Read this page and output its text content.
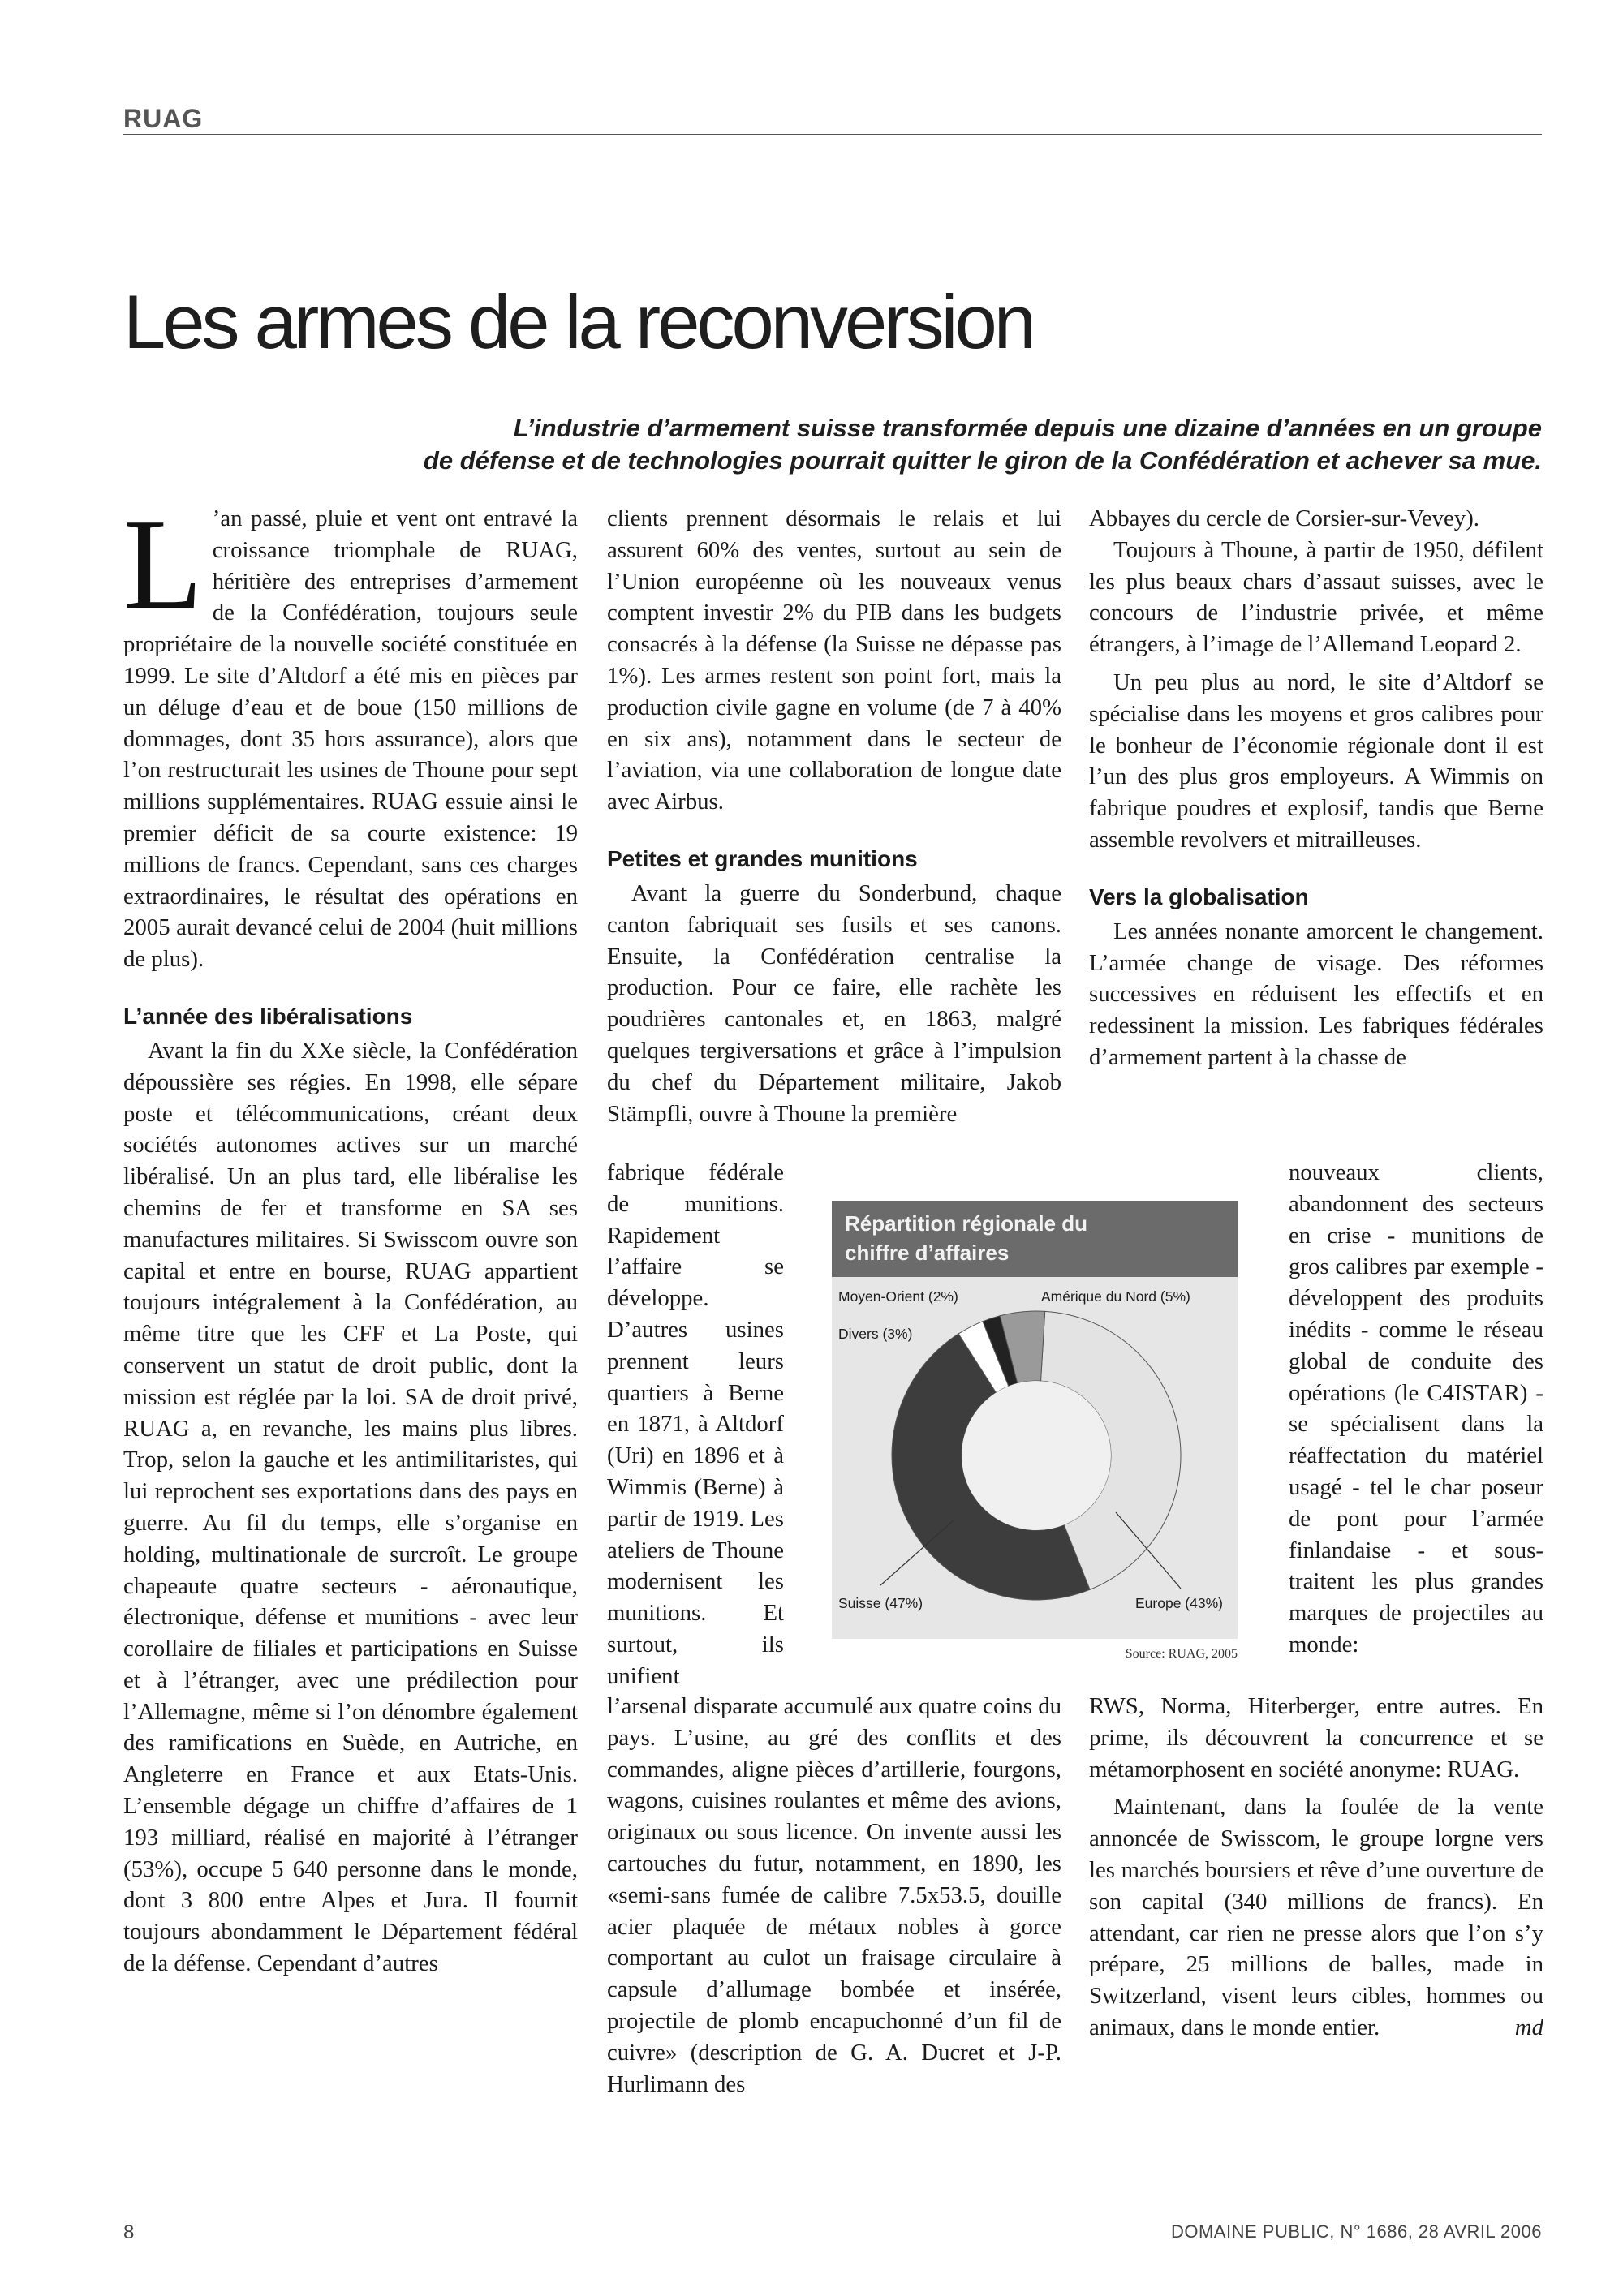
RUAG
Les armes de la reconversion
L’industrie d’armement suisse transformée depuis une dizaine d’années en un groupe
de défense et de technologies pourrait quitter le giron de la Confédération et achever sa mue.

L ’an passé, pluie et vent ont entravé la croissance triomphale de RUAG, héritière des entreprises d’armement de la Confédération, toujours seule propriétaire de la nouvelle société constituée en 1999. Le site d’Altdorf a été mis en pièces par un déluge d’eau et de boue (150 millions de dommages, dont 35 hors assurance), alors que l’on restructurait les usines de Thoune pour sept millions supplémentaires. RUAG essuie ainsi le premier déficit de sa courte existence: 19 millions de francs. Cependant, sans ces charges extraordinaires, le résultat des opérations en 2005 aurait devancé celui de 2004 (huit millions de plus).

L’année des libéralisations

Avant la fin du XXe siècle, la Confédération dépoussière ses régies. En 1998, elle sépare poste et télécommunications, créant deux sociétés autonomes actives sur un marché libéralisé. Un an plus tard, elle libéralise les chemins de fer et transforme en SA ses manufactures militaires. Si Swisscom ouvre son capital et entre en bourse, RUAG appartient toujours intégralement à la Confédération, au même titre que les CFF et La Poste, qui conservent un statut de droit public, dont la mission est réglée par la loi. SA de droit privé, RUAG a, en revanche, les mains plus libres. Trop, selon la gauche et les antimilitaristes, qui lui reprochent ses exportations dans des pays en guerre. Au fil du temps, elle s’organise en holding, multinationale de surcroît. Le groupe chapeaute quatre secteurs - aéronautique, électronique, défense et munitions - avec leur corollaire de filiales et participations en Suisse et à l’étranger, avec une prédilection pour l’Allemagne, même si l’on dénombre également des ramifications en Suède, en Autriche, en Angleterre en France et aux Etats-Unis. L’ensemble dégage un chiffre d’affaires de 1 193 milliard, réalisé en majorité à l’étranger (53%), occupe 5 640 personne dans le monde, dont 3 800 entre Alpes et Jura. Il fournit toujours abondamment le Département fédéral de la défense. Cependant d’autres

clients prennent désormais le relais et lui assurent 60% des ventes, surtout au sein de l’Union européenne où les nouveaux venus comptent investir 2% du PIB dans les budgets consacrés à la défense (la Suisse ne dépasse pas 1%). Les armes restent son point fort, mais la production civile gagne en volume (de 7 à 40% en six ans), notamment dans le secteur de l’aviation, via une collaboration de longue date avec Airbus.

Petites et grandes munitions

Avant la guerre du Sonderbund, chaque canton fabriquait ses fusils et ses canons. Ensuite, la Confédération centralise la production. Pour ce faire, elle rachète les poudrières cantonales et, en 1863, malgré quelques tergiversations et grâce à l’impulsion du chef du Département militaire, Jakob Stämpfli, ouvre à Thoune la première

fabrique fédérale de munitions. Rapidement l’affaire se développe. D’autres usines prennent leurs quartiers à Berne en 1871, à Altdorf (Uri) en 1896 et à Wimmis (Berne) à partir de 1919. Les ateliers de Thoune modernisent les munitions. Et surtout, ils unifient

l’arsenal disparate accumulé aux quatre coins du pays. L’usine, au gré des conflits et des commandes, aligne pièces d’artillerie, fourgons, wagons, cuisines roulantes et même des avions, originaux ou sous licence. On invente aussi les cartouches du futur, notamment, en 1890, les «semi-sans fumée de calibre 7.5x53.5, douille acier plaquée de métaux nobles à gorce comportant au culot un fraisage circulaire à capsule d’allumage bombée et insérée, projectile de plomb encapuchonné d’un fil de cuivre» (description de G. A. Ducret et J-P. Hurlimann des

Abbayes du cercle de Corsier-sur-Vevey).

Toujours à Thoune, à partir de 1950, défilent les plus beaux chars d’assaut suisses, avec le concours de l’industrie privée, et même étrangers, à l’image de l’Allemand Leopard 2.

Un peu plus au nord, le site d’Altdorf se spécialise dans les moyens et gros calibres pour le bonheur de l’économie régionale dont il est l’un des plus gros employeurs. A Wimmis on fabrique poudres et explosif, tandis que Berne assemble revolvers et mitrailleuses.

Vers la globalisation

Les années nonante amorcent le changement. L’armée change de visage. Des réformes successives en réduisent les effectifs et en redessinent la mission. Les fabriques fédérales d’armement partent à la chasse de

nouveaux clients, abandonnent des secteurs en crise - munitions de gros calibres par exemple - développent des produits inédits - comme le réseau global de conduite des opérations (le C4ISTAR) - se spécialisent dans la réaffectation du matériel usagé - tel le char poseur de pont pour l’armée finlandaise - et sous-traitent les plus grandes marques de projectiles au monde:

RWS, Norma, Hiterberger, entre autres. En prime, ils découvrent la concurrence et se métamorphosent en société anonyme: RUAG.

Maintenant, dans la foulée de la vente annoncée de Swisscom, le groupe lorgne vers les marchés boursiers et rêve d’une ouverture de son capital (340 millions de francs). En attendant, car rien ne presse alors que l’on s’y prépare, 25 millions de balles, made in Switzerland, visent leurs cibles, hommes ou animaux, dans le monde entier.	md

Répartition régionale du
chiffre d’affaires
Moyen-Orient (2%)	Amérique du Nord (5%)
Divers (3%)
Suisse (47%)	Europe (43%)
Source: RUAG, 2005
8	DOMAINE PUBLIC, N° 1686, 28 AVRIL 2006
